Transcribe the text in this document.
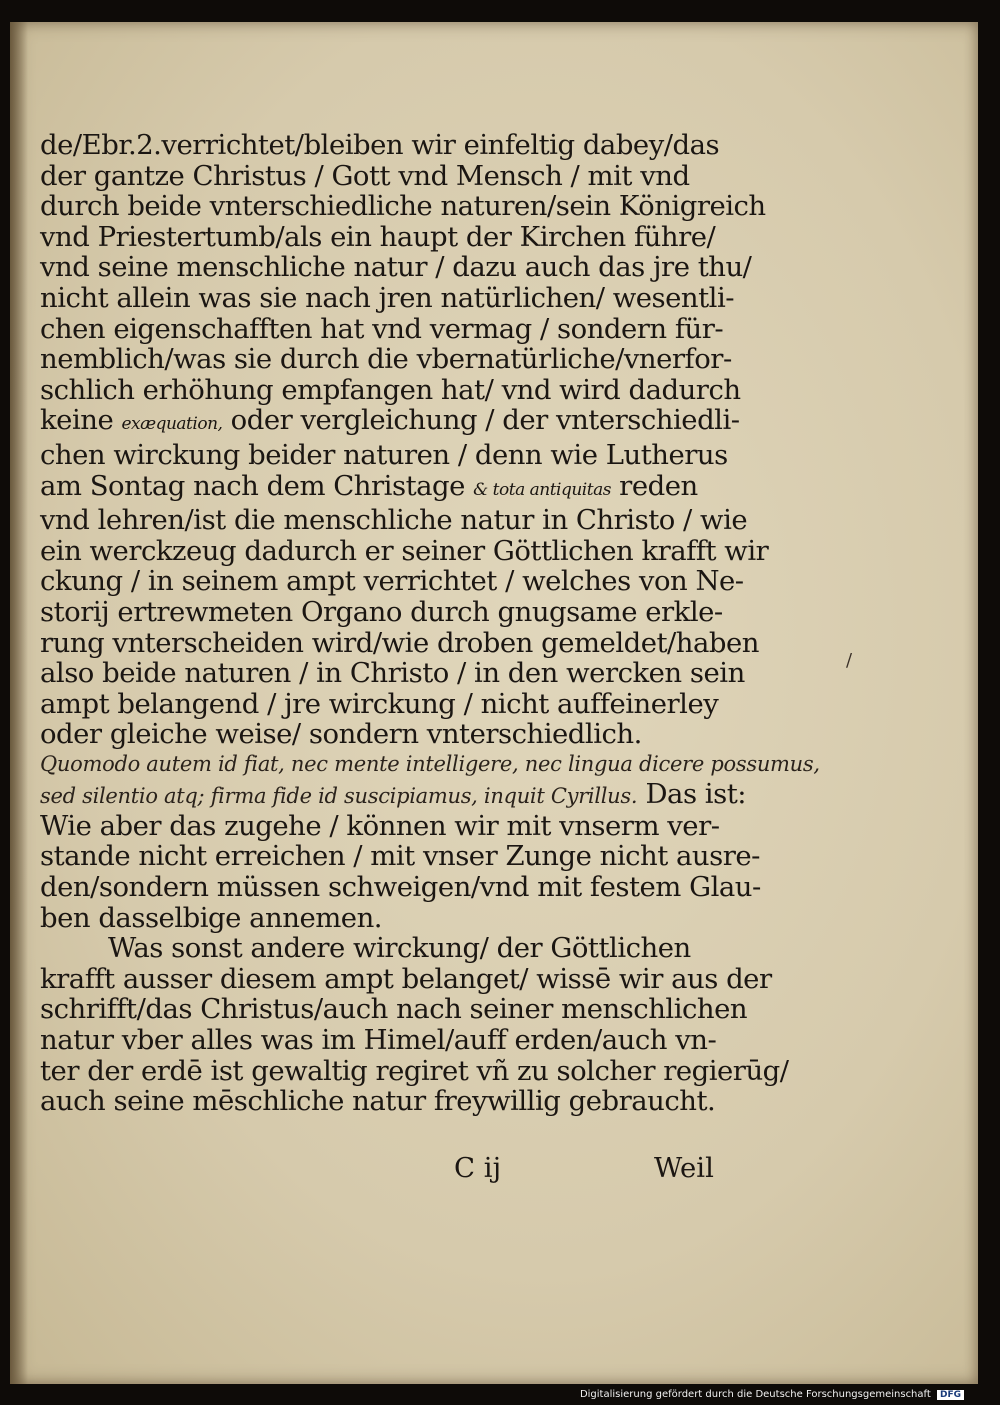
de/Ebr.2.verrichtet/bleiben wir einfeltig dabey/das
der gantze Christus / Gott vnd Mensch / mit vnd
durch beide vnterschiedliche naturen/sein Königreich
vnd Priestertumb/als ein haupt der Kirchen führe/
vnd seine menschliche natur / dazu auch das jre thu/
nicht allein was sie nach jren natürlichen/ wesentli-
chen eigenschafften hat vnd vermag / sondern für-
nemblich/was sie durch die vbernatürliche/vnerfor-
schlich erhöhung empfangen hat/ vnd wird dadurch
keine exæquation, oder vergleichung / der vnterschiedli-
chen wirckung beider naturen / denn wie Lutherus
am Sontag nach dem Christage & tota antiquitas reden
vnd lehren/ist die menschliche natur in Christo / wie
ein werckzeug dadurch er seiner Göttlichen krafft wir
ckung / in seinem ampt verrichtet / welches von Ne-
storij ertrewmeten Organo durch gnugsame erkle-
rung vnterscheiden wird/wie droben gemeldet/haben
also beide naturen / in Christo / in den wercken sein
ampt belangend / jre wirckung / nicht auffeinerley
oder gleiche weise/ sondern vnterschiedlich.
Quomodo autem id fiat, nec mente intelligere, nec lingua dicere possumus,
sed silentio atq; firma fide id suscipiamus, inquit Cyrillus. Das ist:
Wie aber das zugehe / können wir mit vnserm ver-
stande nicht erreichen / mit vnser Zunge nicht ausre-
den/sondern müssen schweigen/vnd mit festem Glau-
ben dasselbige annemen.
Was sonst andere wirckung/ der Göttlichen
krafft ausser diesem ampt belanget/ wissē wir aus der
schrifft/das Christus/auch nach seiner menschlichen
natur vber alles was im Himel/auff erden/auch vn-
ter der erdē ist gewaltig regiret vñ zu solcher regierūg/
auch seine mēschliche natur freywillig gebraucht.
C ij	Weil
/
Digitalisierung gefördert durch die Deutsche Forschungsgemeinschaft DFG
